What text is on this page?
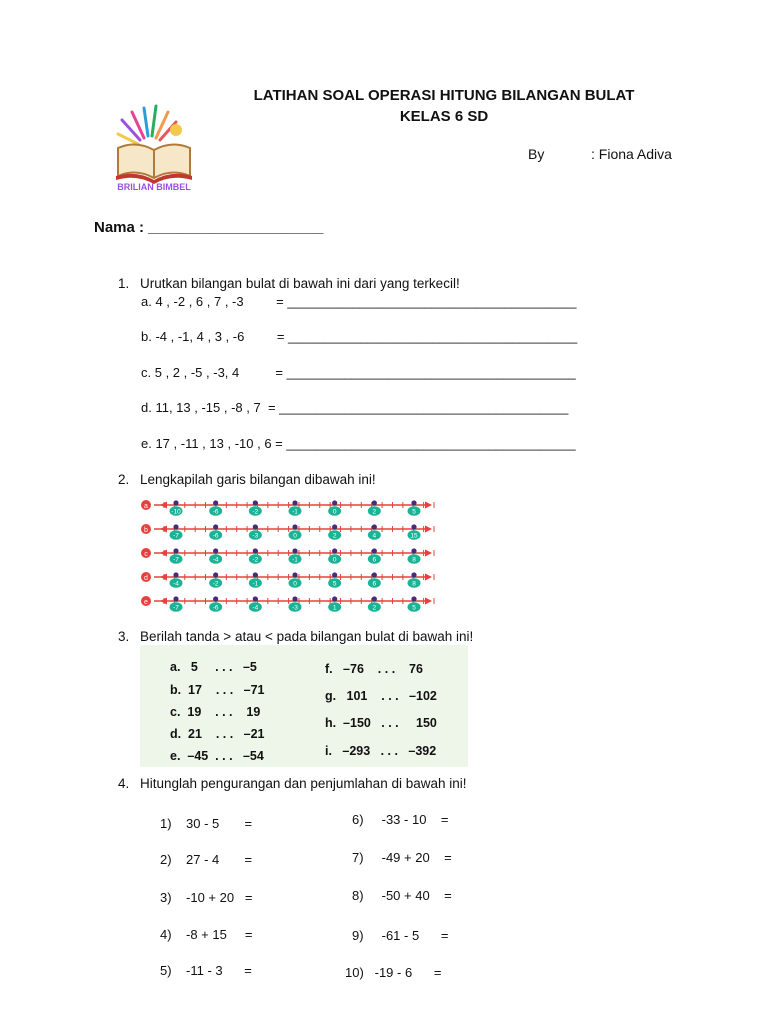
LATIHAN SOAL OPERASI HITUNG BILANGAN BULAT
KELAS 6 SD
BRILIAN BIMBEL
By	: Fiona Adiva
Nama : _____________________
1. Urutkan bilangan bulat di bawah ini dari yang terkecil!
a. 4 , -2 , 6 , 7 , -3         = ________________________________________
b. -4 , -1, 4 , 3 , -6         = ________________________________________
c. 5 , 2 , -5 , -3, 4          = ________________________________________
d. 11, 13 , -15 , -8 , 7  = ________________________________________
e. 17 , -11 , 13 , -10 , 6 = ________________________________________
2. Lengkapilah garis bilangan dibawah ini!
a
-10	-6	-2	-1	0	2	5
b
-7	-6	-3	0	2	4	15
c
-7	-4	-2	-1	0	6	8
d
-4	-2	-1	0	5	6	8
e
-7	-6	-4	-3	1	2	5
3. Berilah tanda > atau < pada bilangan bulat di bawah ini!
a.   5     . . .   –5
b.  17    . . .   –71
c.  19    . . .    19
d.  21    . . .   –21
e.  –45  . . .   –54
f.   –76    . . .    76
g.   101    . . .   –102
h.  –150   . . .     150
i.   –293   . . .   –392
4. Hitunglah pengurangan dan penjumlahan di bawah ini!
1)    30 - 5       =
2)    27 - 4       =
3)    -10 + 20   =
4)    -8 + 15     =
5)    -11 - 3      =
6)     -33 - 10    =
7)     -49 + 20    =
8)     -50 + 40    =
9)     -61 - 5      =
10)   -19 - 6      =
